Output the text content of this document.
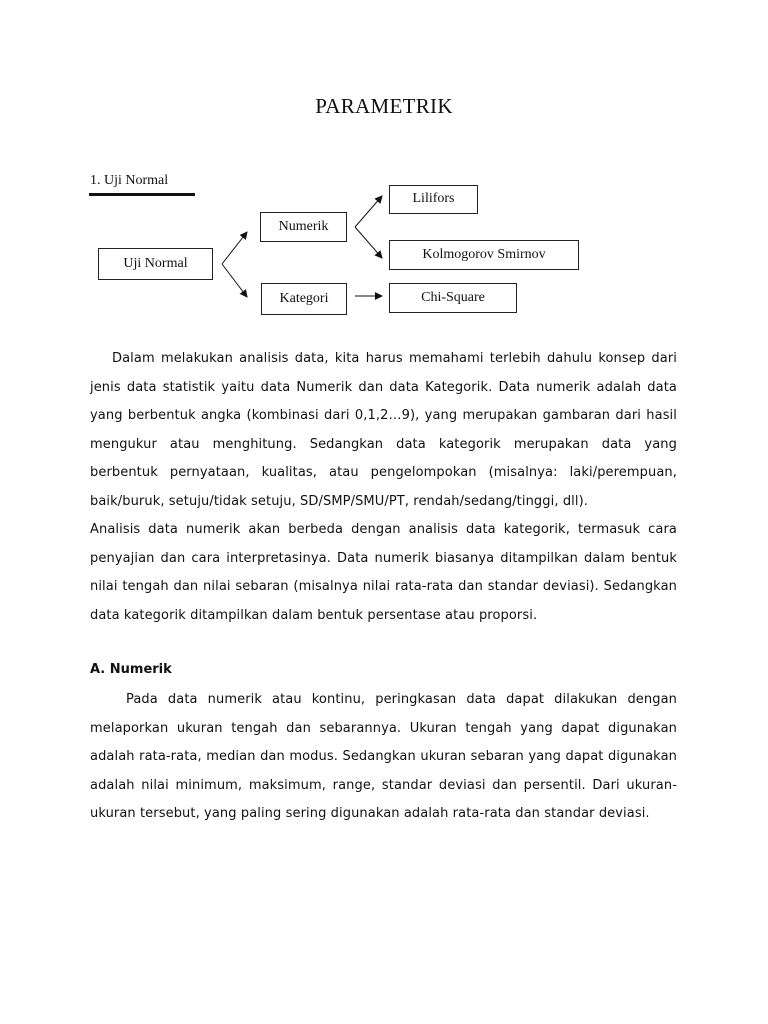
PARAMETRIK
1. Uji Normal
Uji Normal
Numerik
Kategori
Lilifors
Kolmogorov Smirnov
Chi-Square

Dalam melakukan analisis data, kita harus memahami terlebih dahulu konsep dari jenis data statistik yaitu data Numerik dan data Kategorik. Data numerik adalah data yang berbentuk angka (kombinasi dari 0,1,2…9), yang merupakan gambaran dari hasil mengukur atau menghitung. Sedangkan data kategorik merupakan data yang berbentuk pernyataan, kualitas, atau pengelompokan (misalnya: laki/perempuan, baik/buruk, setuju/tidak setuju, SD/SMP/SMU/PT, rendah/sedang/tinggi, dll).

Analisis data numerik akan berbeda dengan analisis data kategorik, termasuk cara penyajian dan cara interpretasinya. Data numerik biasanya ditampilkan dalam bentuk nilai tengah dan nilai sebaran (misalnya nilai rata-rata dan standar deviasi). Sedangkan data kategorik ditampilkan dalam bentuk persentase atau proporsi.

A. Numerik

Pada data numerik atau kontinu, peringkasan data dapat dilakukan dengan melaporkan ukuran tengah dan sebarannya. Ukuran tengah yang dapat digunakan adalah rata-rata, median dan modus. Sedangkan ukuran sebaran yang dapat digunakan adalah nilai minimum, maksimum, range, standar deviasi dan persentil. Dari ukuran- ukuran tersebut, yang paling sering digunakan adalah rata-rata dan standar deviasi.
